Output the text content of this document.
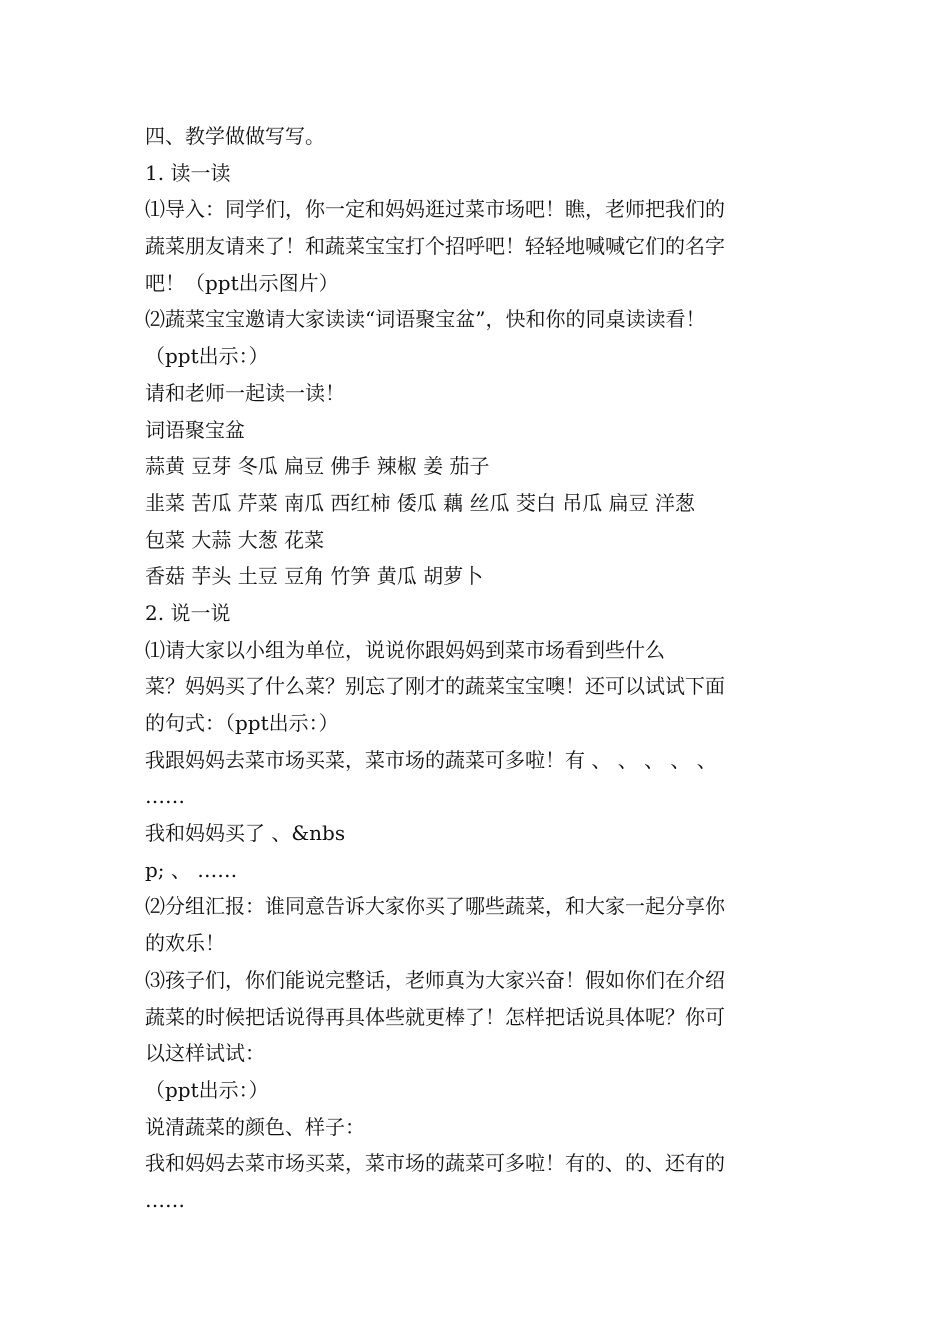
四、教学做做写写。
1. 读一读
⑴导入：同学们，你一定和妈妈逛过菜市场吧！瞧，老师把我们的
蔬菜朋友请来了！和蔬菜宝宝打个招呼吧！轻轻地喊喊它们的名字
吧！（ppt出示图片）
⑵蔬菜宝宝邀请大家读读“词语聚宝盆”，快和你的同桌读读看！
（ppt出示：）
请和老师一起读一读！
词语聚宝盆
蒜黄 豆芽 冬瓜 扁豆 佛手 辣椒 姜 茄子
韭菜 苦瓜 芹菜 南瓜 西红柿 倭瓜 藕 丝瓜 茭白 吊瓜 扁豆 洋葱
包菜 大蒜 大葱 花菜
香菇 芋头 土豆 豆角 竹笋 黄瓜 胡萝卜
2. 说一说
⑴请大家以小组为单位，说说你跟妈妈到菜市场看到些什么
菜？妈妈买了什么菜？别忘了刚才的蔬菜宝宝噢！还可以试试下面
的句式：（ppt出示：）
我跟妈妈去菜市场买菜，菜市场的蔬菜可多啦！有 、 、 、 、 、
……
我和妈妈买了 、&nbs
p; 、 ……
⑵分组汇报：谁同意告诉大家你买了哪些蔬菜，和大家一起分享你
的欢乐！
⑶孩子们，你们能说完整话，老师真为大家兴奋！假如你们在介绍
蔬菜的时候把话说得再具体些就更棒了！怎样把话说具体呢？你可
以这样试试：
（ppt出示：）
说清蔬菜的颜色、样子：
我和妈妈去菜市场买菜，菜市场的蔬菜可多啦！有的、的、还有的
……
